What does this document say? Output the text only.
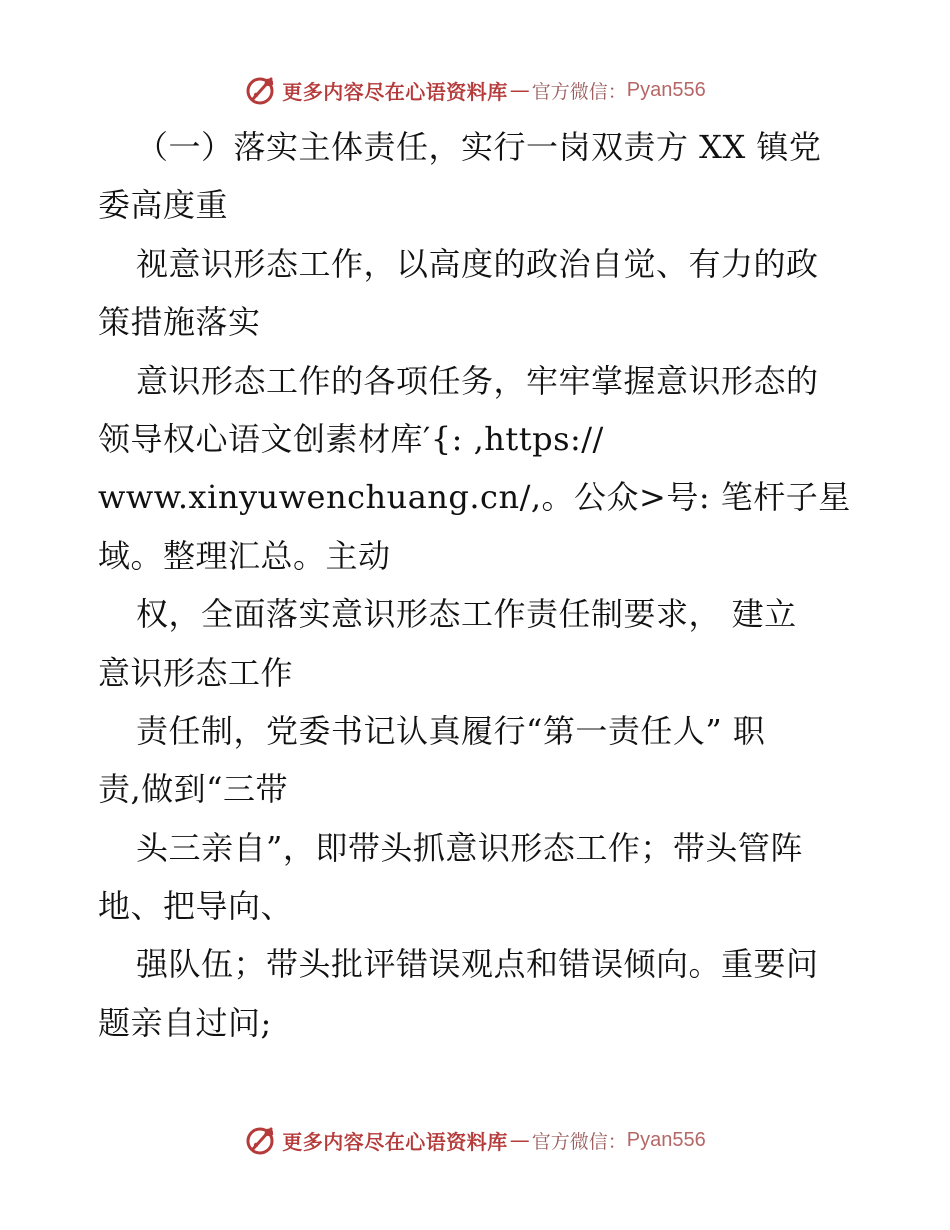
更多内容尽在心语资料库 — 官方微信： Pyan556
（一）落实主体责任，实行一岗双责方 XX 镇党
委高度重
视意识形态工作，以高度的政治自觉、有力的政
策措施落实
意识形态工作的各项任务，牢牢掌握意识形态的
领导权心语文创素材库′{: ,https://
www.xinyuwenchuang.cn/,。公众>号: 笔杆子星
域。整理汇总。主动
权，全面落实意识形态工作责任制要求， 建立
意识形态工作
责任制，党委书记认真履行“第一责任人” 职
责,做到“三带
头三亲自”，即带头抓意识形态工作；带头管阵
地、把导向、
强队伍；带头批评错误观点和错误倾向。重要问
题亲自过问;
更多内容尽在心语资料库 — 官方微信： Pyan556
